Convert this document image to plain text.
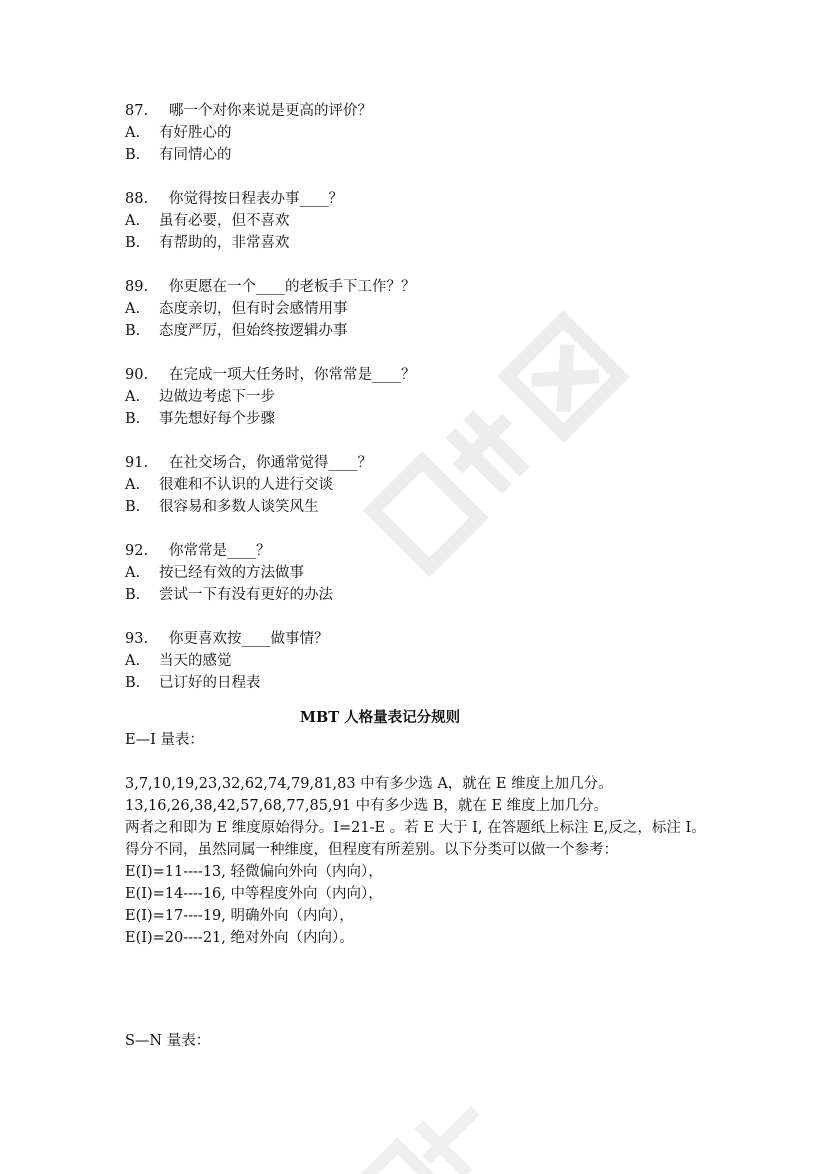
87. 哪一个对你来说是更高的评价？
A. 有好胜心的
B. 有同情心的
88. 你觉得按日程表办事____？
A. 虽有必要，但不喜欢
B. 有帮助的，非常喜欢
89. 你更愿在一个____的老板手下工作？？
A. 态度亲切，但有时会感情用事
B. 态度严厉，但始终按逻辑办事
90. 在完成一项大任务时，你常常是____？
A. 边做边考虑下一步
B. 事先想好每个步骤
91. 在社交场合，你通常觉得____？
A. 很难和不认识的人进行交谈
B. 很容易和多数人谈笑风生
92. 你常常是____？
A. 按已经有效的方法做事
B. 尝试一下有没有更好的办法
93. 你更喜欢按____做事情？
A. 当天的感觉
B. 已订好的日程表
MBT 人格量表记分规则
E—I 量表：
3,7,10,19,23,32,62,74,79,81,83 中有多少选 A，就在 E 维度上加几分。
13,16,26,38,42,57,68,77,85,91 中有多少选 B，就在 E 维度上加几分。
两者之和即为 E 维度原始得分。I=21-E 。若 E 大于 I, 在答题纸上标注 E,反之，标注 I。得分不同，虽然同属一种维度，但程度有所差别。以下分类可以做一个参考：
E(I)=11----13, 轻微偏向外向（内向），
E(I)=14----16, 中等程度外向（内向），
E(I)=17----19, 明确外向（内向），
E(I)=20----21, 绝对外向（内向）。
S—N 量表：
